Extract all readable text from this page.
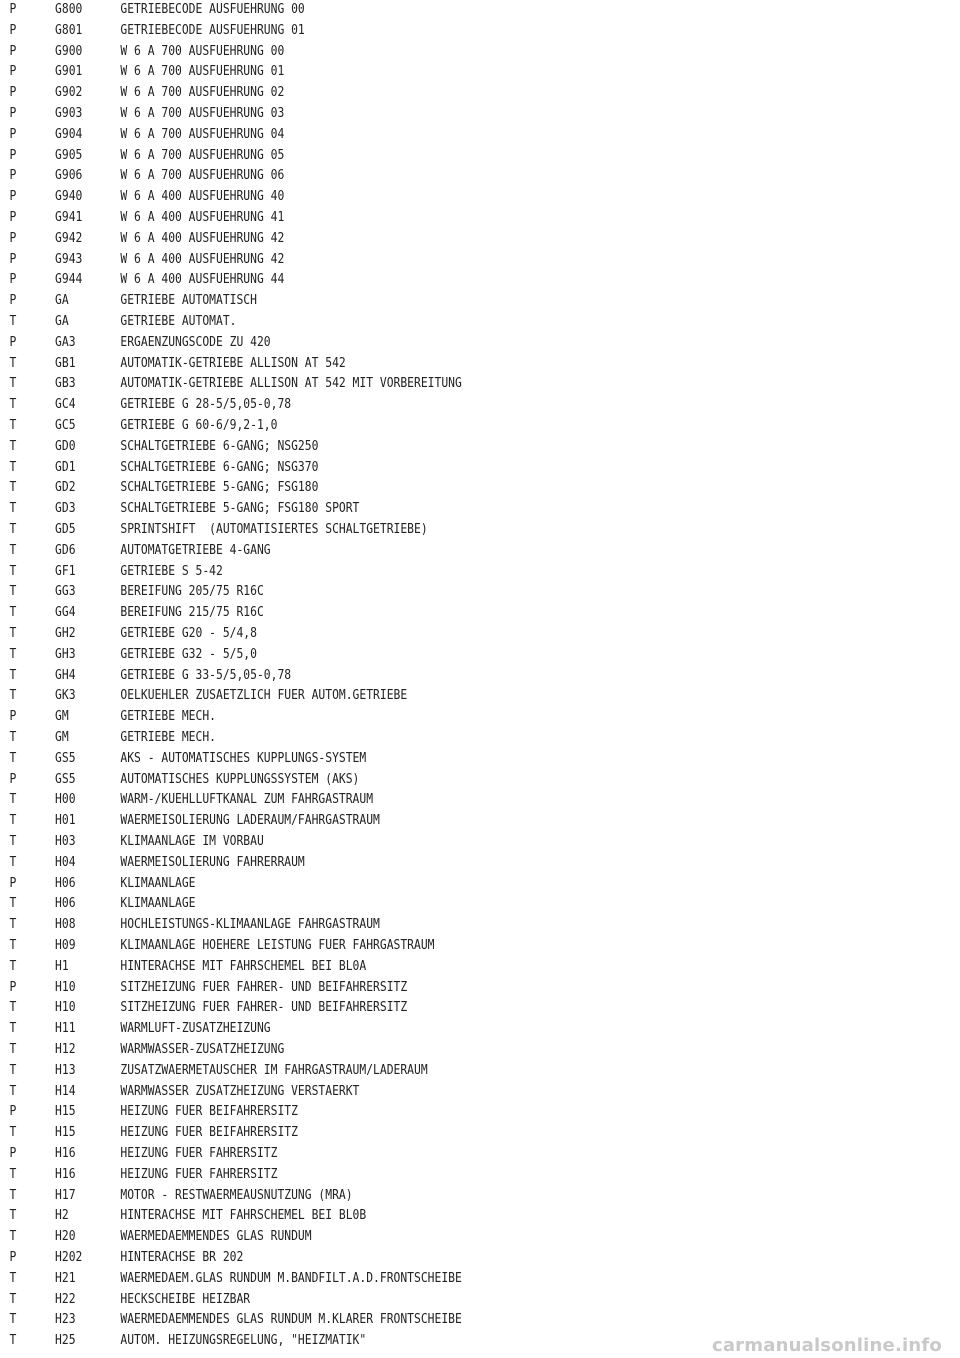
P	G800	GETRIEBECODE AUSFUEHRUNG 00
P	G801	GETRIEBECODE AUSFUEHRUNG 01
P	G900	W 6 A 700 AUSFUEHRUNG 00
P	G901	W 6 A 700 AUSFUEHRUNG 01
P	G902	W 6 A 700 AUSFUEHRUNG 02
P	G903	W 6 A 700 AUSFUEHRUNG 03
P	G904	W 6 A 700 AUSFUEHRUNG 04
P	G905	W 6 A 700 AUSFUEHRUNG 05
P	G906	W 6 A 700 AUSFUEHRUNG 06
P	G940	W 6 A 400 AUSFUEHRUNG 40
P	G941	W 6 A 400 AUSFUEHRUNG 41
P	G942	W 6 A 400 AUSFUEHRUNG 42
P	G943	W 6 A 400 AUSFUEHRUNG 42
P	G944	W 6 A 400 AUSFUEHRUNG 44
P	GA	GETRIEBE AUTOMATISCH
T	GA	GETRIEBE AUTOMAT.
P	GA3	ERGAENZUNGSCODE ZU 420
T	GB1	AUTOMATIK-GETRIEBE ALLISON AT 542
T	GB3	AUTOMATIK-GETRIEBE ALLISON AT 542 MIT VORBEREITUNG
T	GC4	GETRIEBE G 28-5/5,05-0,78
T	GC5	GETRIEBE G 60-6/9,2-1,0
T	GD0	SCHALTGETRIEBE 6-GANG; NSG250
T	GD1	SCHALTGETRIEBE 6-GANG; NSG370
T	GD2	SCHALTGETRIEBE 5-GANG; FSG180
T	GD3	SCHALTGETRIEBE 5-GANG; FSG180 SPORT
T	GD5	SPRINTSHIFT  (AUTOMATISIERTES SCHALTGETRIEBE)
T	GD6	AUTOMATGETRIEBE 4-GANG
T	GF1	GETRIEBE S 5-42
T	GG3	BEREIFUNG 205/75 R16C
T	GG4	BEREIFUNG 215/75 R16C
T	GH2	GETRIEBE G20 - 5/4,8
T	GH3	GETRIEBE G32 - 5/5,0
T	GH4	GETRIEBE G 33-5/5,05-0,78
T	GK3	OELKUEHLER ZUSAETZLICH FUER AUTOM.GETRIEBE
P	GM	GETRIEBE MECH.
T	GM	GETRIEBE MECH.
T	GS5	AKS - AUTOMATISCHES KUPPLUNGS-SYSTEM
P	GS5	AUTOMATISCHES KUPPLUNGSSYSTEM (AKS)
T	H00	WARM-/KUEHLLUFTKANAL ZUM FAHRGASTRAUM
T	H01	WAERMEISOLIERUNG LADERAUM/FAHRGASTRAUM
T	H03	KLIMAANLAGE IM VORBAU
T	H04	WAERMEISOLIERUNG FAHRERRAUM
P	H06	KLIMAANLAGE
T	H06	KLIMAANLAGE
T	H08	HOCHLEISTUNGS-KLIMAANLAGE FAHRGASTRAUM
T	H09	KLIMAANLAGE HOEHERE LEISTUNG FUER FAHRGASTRAUM
T	H1	HINTERACHSE MIT FAHRSCHEMEL BEI BL0A
P	H10	SITZHEIZUNG FUER FAHRER- UND BEIFAHRERSITZ
T	H10	SITZHEIZUNG FUER FAHRER- UND BEIFAHRERSITZ
T	H11	WARMLUFT-ZUSATZHEIZUNG
T	H12	WARMWASSER-ZUSATZHEIZUNG
T	H13	ZUSATZWAERMETAUSCHER IM FAHRGASTRAUM/LADERAUM
T	H14	WARMWASSER ZUSATZHEIZUNG VERSTAERKT
P	H15	HEIZUNG FUER BEIFAHRERSITZ
T	H15	HEIZUNG FUER BEIFAHRERSITZ
P	H16	HEIZUNG FUER FAHRERSITZ
T	H16	HEIZUNG FUER FAHRERSITZ
T	H17	MOTOR - RESTWAERMEAUSNUTZUNG (MRA)
T	H2	HINTERACHSE MIT FAHRSCHEMEL BEI BL0B
T	H20	WAERMEDAEMMENDES GLAS RUNDUM
P	H202	HINTERACHSE BR 202
T	H21	WAERMEDAEM.GLAS RUNDUM M.BANDFILT.A.D.FRONTSCHEIBE
T	H22	HECKSCHEIBE HEIZBAR
T	H23	WAERMEDAEMMENDES GLAS RUNDUM M.KLARER FRONTSCHEIBE
T	H25	AUTOM. HEIZUNGSREGELUNG, "HEIZMATIK"	carmanualsonline.info
